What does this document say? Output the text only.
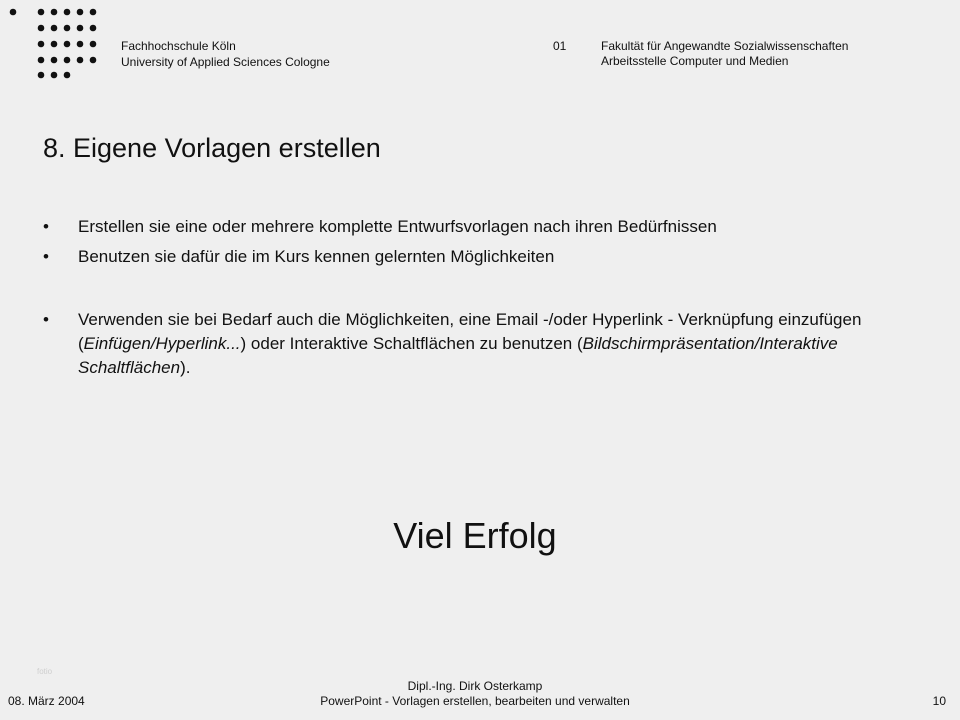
Fachhochschule Köln
University of Applied Sciences Cologne
01	Fakultät für Angewandte Sozialwissenschaften
Arbeitsstelle Computer und Medien
8. Eigene Vorlagen erstellen
• Erstellen sie eine oder mehrere komplette Entwurfsvorlagen nach ihren Bedürfnissen
• Benutzen sie dafür die im Kurs kennen gelernten Möglichkeiten
• Verwenden sie bei Bedarf auch die Möglichkeiten, eine Email -/oder Hyperlink - Verknüpfung einzufügen (Einfügen/Hyperlink...) oder Interaktive Schaltflächen zu benutzen (Bildschirmpräsentation/Interaktive Schaltflächen).
Viel Erfolg
fotio
08. März 2004
Dipl.-Ing. Dirk Osterkamp
PowerPoint - Vorlagen erstellen, bearbeiten und verwalten	10
